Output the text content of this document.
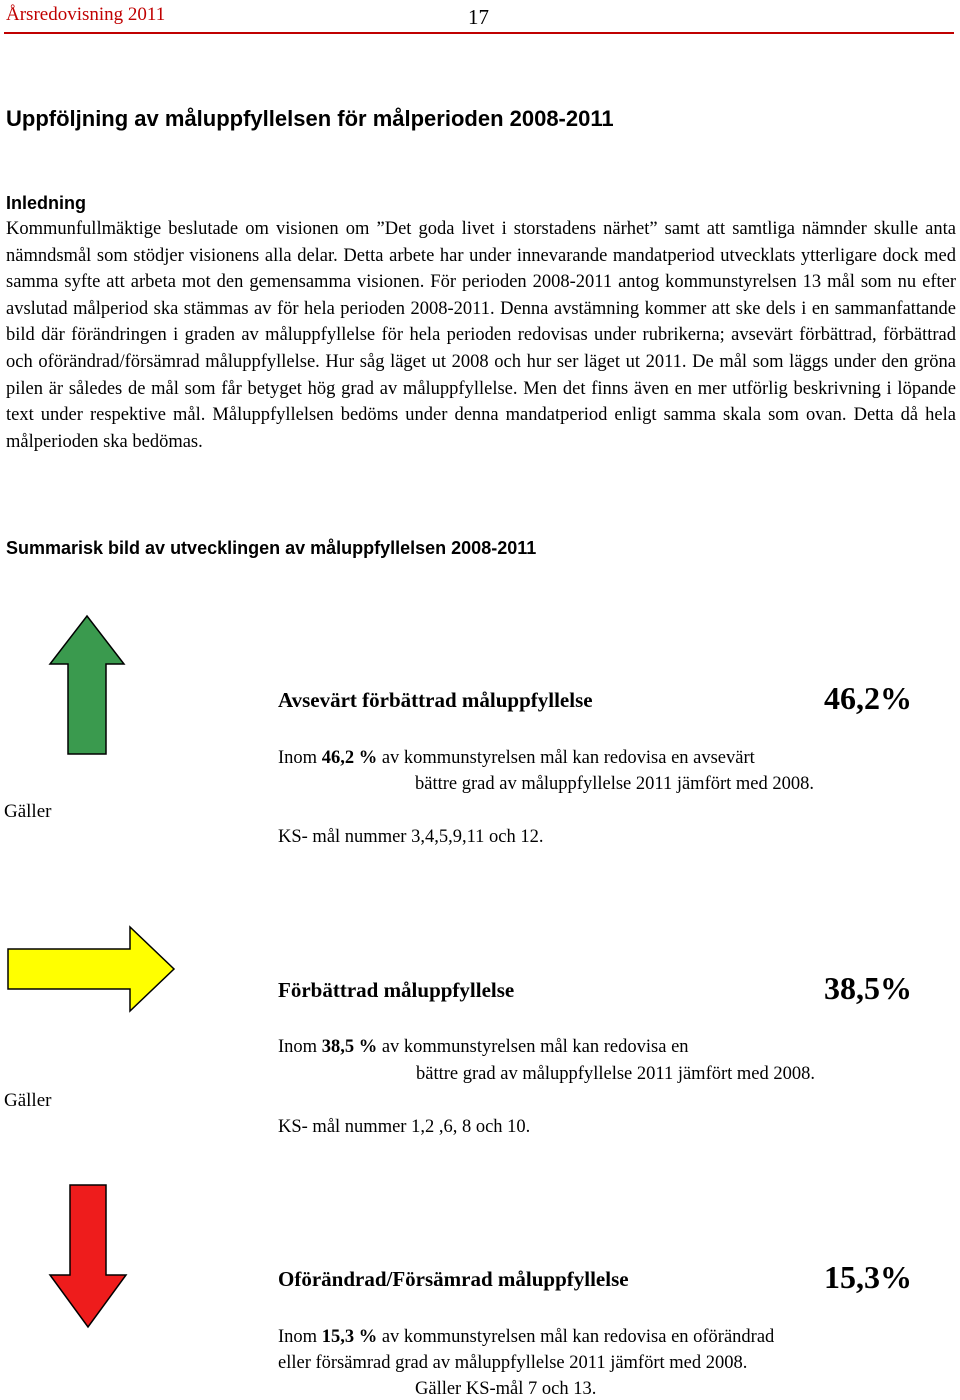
Årsredovisning 2011	17
Uppföljning av måluppfyllelsen för målperioden 2008-2011
Inledning
Kommunfullmäktige beslutade om visionen om ”Det goda livet i storstadens närhet” samt att samtliga nämnder skulle anta nämndsmål som stödjer visionens alla delar. Detta arbete har under innevarande mandatperiod utvecklats ytterligare dock med samma syfte att arbeta mot den gemensamma visionen. För perioden 2008-2011 antog kommunstyrelsen 13 mål som nu efter avslutad målperiod ska stämmas av för hela perioden 2008-2011. Denna avstämning kommer att ske dels i en sammanfattande bild där förändringen i graden av måluppfyllelse för hela perioden redovisas under rubrikerna; avsevärt förbättrad, förbättrad och oförändrad/försämrad måluppfyllelse. Hur såg läget ut 2008 och hur ser läget ut 2011. De mål som läggs under den gröna pilen är således de mål som får betyget hög grad av måluppfyllelse. Men det finns även en mer utförlig beskrivning i löpande text under respektive mål. Måluppfyllelsen bedöms under denna mandatperiod enligt samma skala som ovan. Detta då hela målperioden ska bedömas.
Summarisk bild av utvecklingen av måluppfyllelsen 2008-2011
Avsevärt förbättrad måluppfyllelse	46,2%
Inom 46,2 % av kommunstyrelsen mål kan redovisa en avsevärt
bättre grad av måluppfyllelse 2011 jämfört med 2008.
Gäller
KS- mål nummer 3,4,5,9,11 och 12.
Förbättrad måluppfyllelse	38,5%
Inom 38,5 % av kommunstyrelsen mål kan redovisa en
bättre grad av måluppfyllelse 2011 jämfört med 2008.
Gäller
KS- mål nummer 1,2 ,6, 8 och 10.
Oförändrad/Försämrad måluppfyllelse	15,3%
Inom 15,3 % av kommunstyrelsen mål kan redovisa en oförändrad
eller försämrad grad av måluppfyllelse 2011 jämfört med 2008.
Gäller KS-mål 7 och 13.
